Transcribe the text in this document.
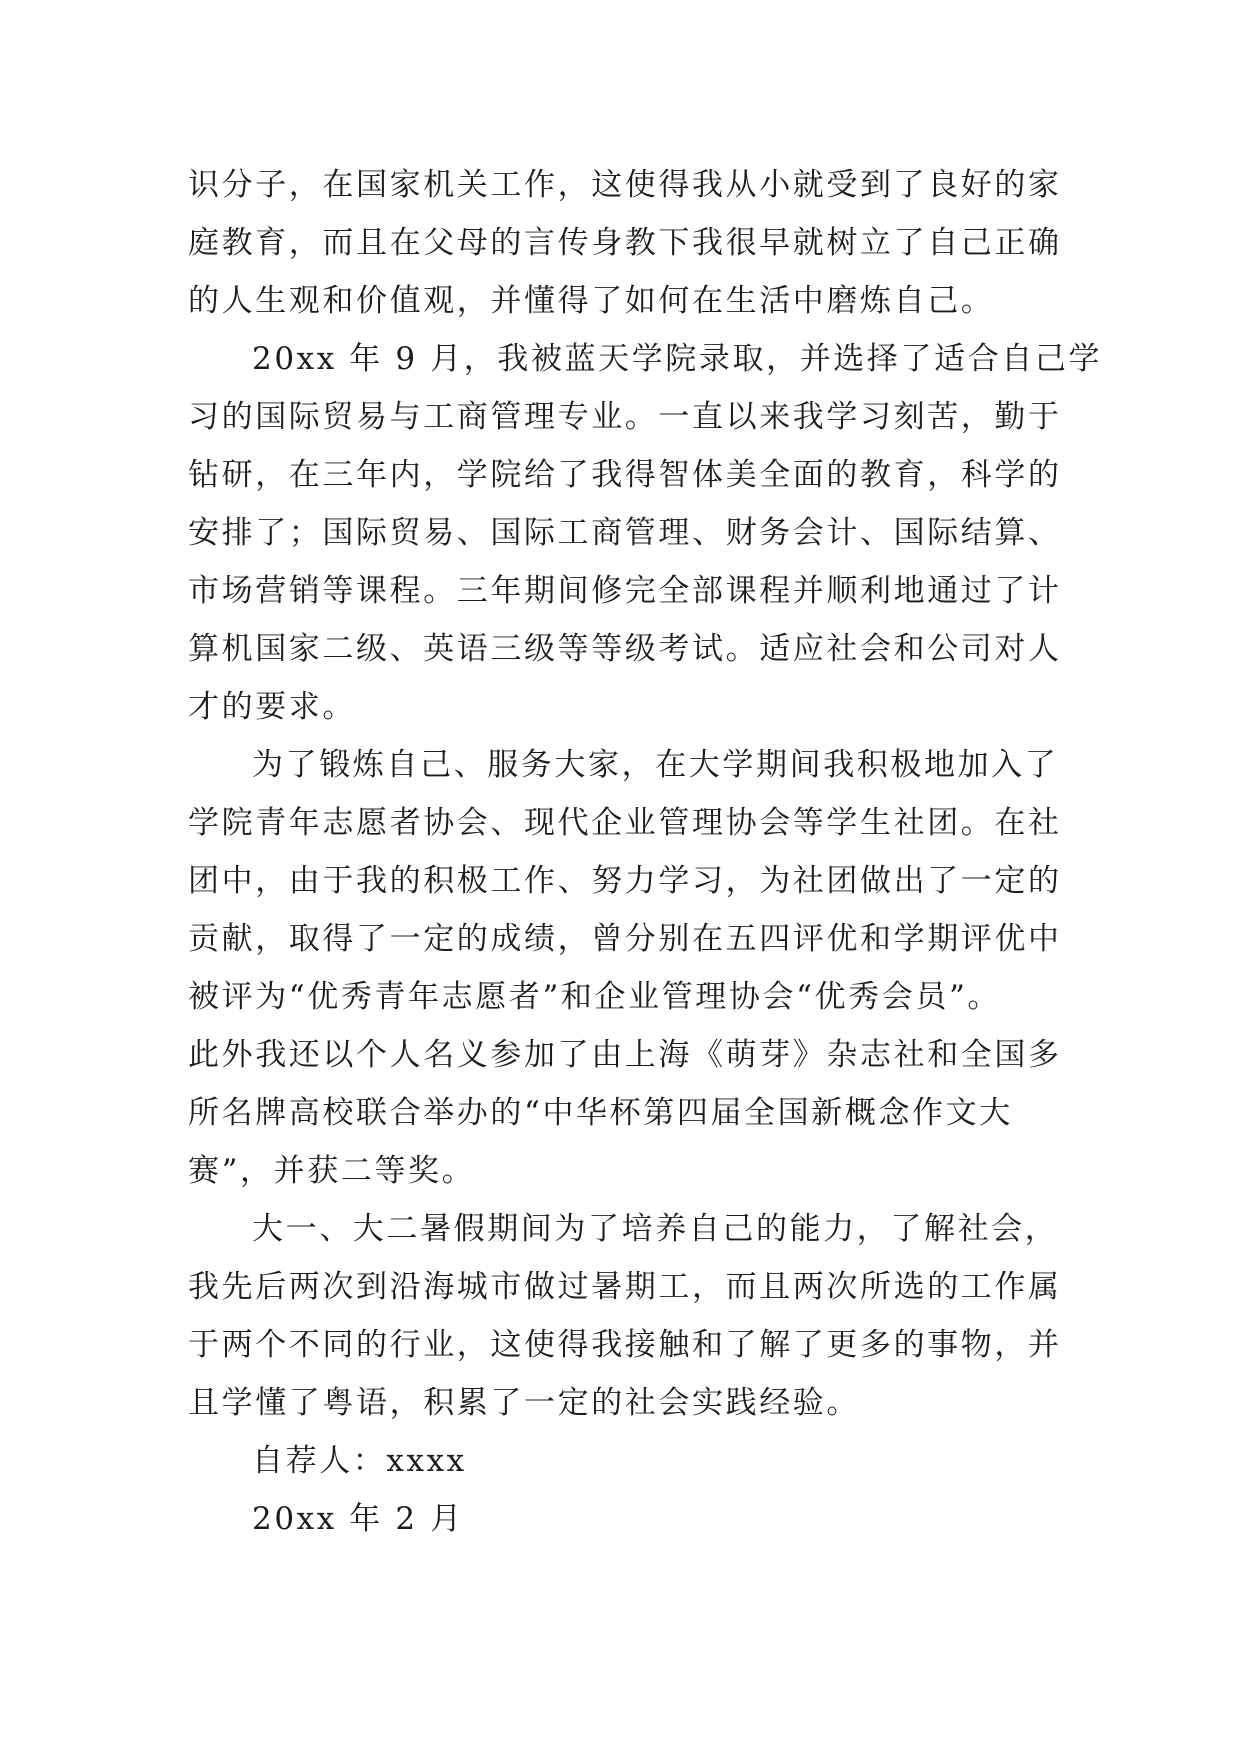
识分子，在国家机关工作，这使得我从小就受到了良好的家
庭教育，而且在父母的言传身教下我很早就树立了自己正确
的人生观和价值观，并懂得了如何在生活中磨炼自己。
20xx 年 9 月，我被蓝天学院录取，并选择了适合自己学
习的国际贸易与工商管理专业。一直以来我学习刻苦，勤于
钻研，在三年内，学院给了我得智体美全面的教育，科学的
安排了；国际贸易、国际工商管理、财务会计、国际结算、
市场营销等课程。三年期间修完全部课程并顺利地通过了计
算机国家二级、英语三级等等级考试。适应社会和公司对人
才的要求。
为了锻炼自己、服务大家，在大学期间我积极地加入了
学院青年志愿者协会、现代企业管理协会等学生社团。在社
团中，由于我的积极工作、努力学习，为社团做出了一定的
贡献，取得了一定的成绩，曾分别在五四评优和学期评优中
被评为“优秀青年志愿者”和企业管理协会“优秀会员”。
此外我还以个人名义参加了由上海《萌芽》杂志社和全国多
所名牌高校联合举办的“中华杯第四届全国新概念作文大
赛”，并获二等奖。
大一、大二暑假期间为了培养自己的能力，了解社会，
我先后两次到沿海城市做过暑期工，而且两次所选的工作属
于两个不同的行业，这使得我接触和了解了更多的事物，并
且学懂了粤语，积累了一定的社会实践经验。
自荐人：xxxx
20xx 年 2 月
